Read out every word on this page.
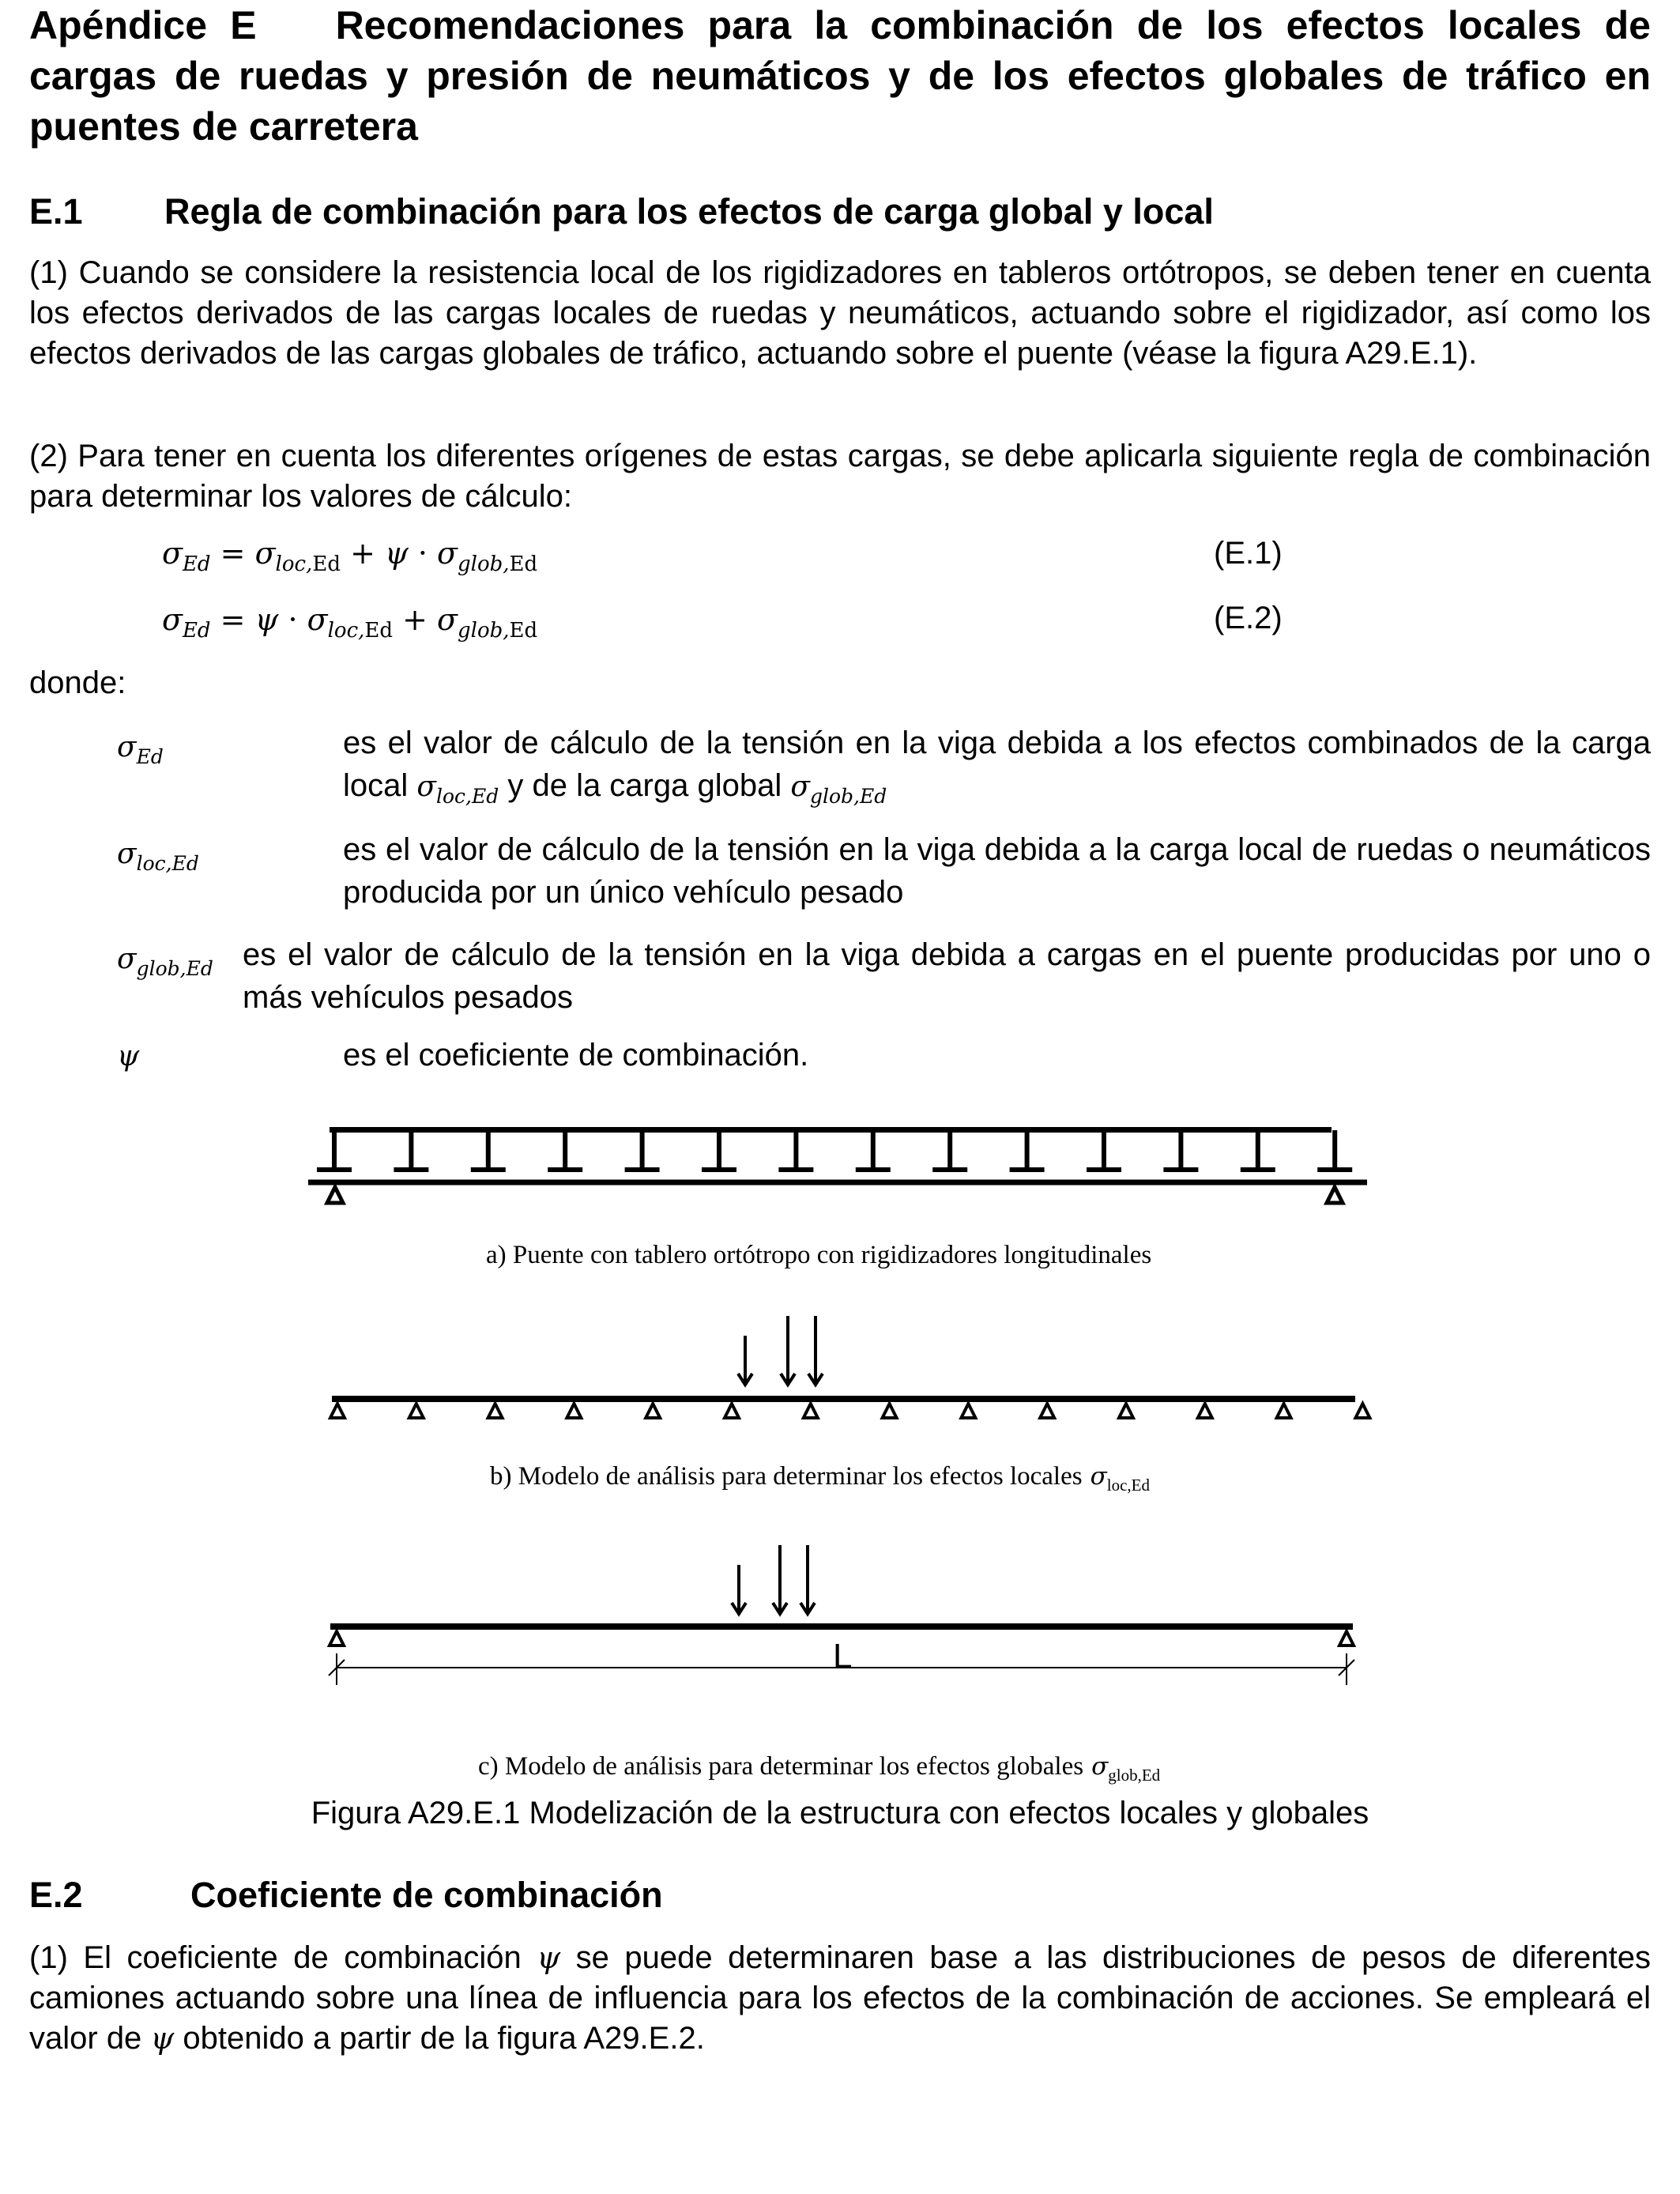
Apéndice E  Recomendaciones para la combinación de los efectos locales de cargas de ruedas y presión de neumáticos y de los efectos globales de tráfico en puentes de carretera

E.1 Regla de combinación para los efectos de carga global y local

(1) Cuando se considere la resistencia local de los rigidizadores en tableros ortótropos, se deben tener en cuenta los efectos derivados de las cargas locales de ruedas y neumáticos, actuando sobre el rigidizador, así como los efectos derivados de las cargas globales de tráfico, actuando sobre el puente (véase la figura A29.E.1).

(2) Para tener en cuenta los diferentes orígenes de estas cargas, se debe aplicarla siguiente regla de combinación para determinar los valores de cálculo:

$\sigma_{Ed} = \sigma_{loc,Ed} + \psi \cdot \sigma_{glob,Ed}$	(E.1)
$\sigma_{Ed} = \psi \cdot \sigma_{loc,Ed} + \sigma_{glob,Ed}$	(E.2)
donde:
$\sigma_{Ed}$	es el valor de cálculo de la tensión en la viga debida a los efectos combinados de la carga local $\sigma_{loc,Ed}$ y de la carga global $\sigma_{glob,Ed}$
$\sigma_{loc,Ed}$	es el valor de cálculo de la tensión en la viga debida a la carga local de ruedas o neumáticos producida por un único vehículo pesado

$\sigma_{glob,Ed}$ es el valor de cálculo de la tensión en la viga debida a cargas en el puente producidas por uno o más vehículos pesados

ψ	es el coeficiente de combinación.

a) Puente con tablero ortótropo con rigidizadores longitudinales
b) Modelo de análisis para determinar los efectos locales $\sigma_{loc,Ed}$
L
c) Modelo de análisis para determinar los efectos globales $\sigma_{glob,Ed}$
Figura A29.E.1 Modelización de la estructura con efectos locales y globales
E.2	Coeficiente de combinación

(1) El coeficiente de combinación ψ se puede determinaren base a las distribuciones de pesos de diferentes camiones actuando sobre una línea de influencia para los efectos de la combinación de acciones. Se empleará el valor de ψ obtenido a partir de la figura A29.E.2.
